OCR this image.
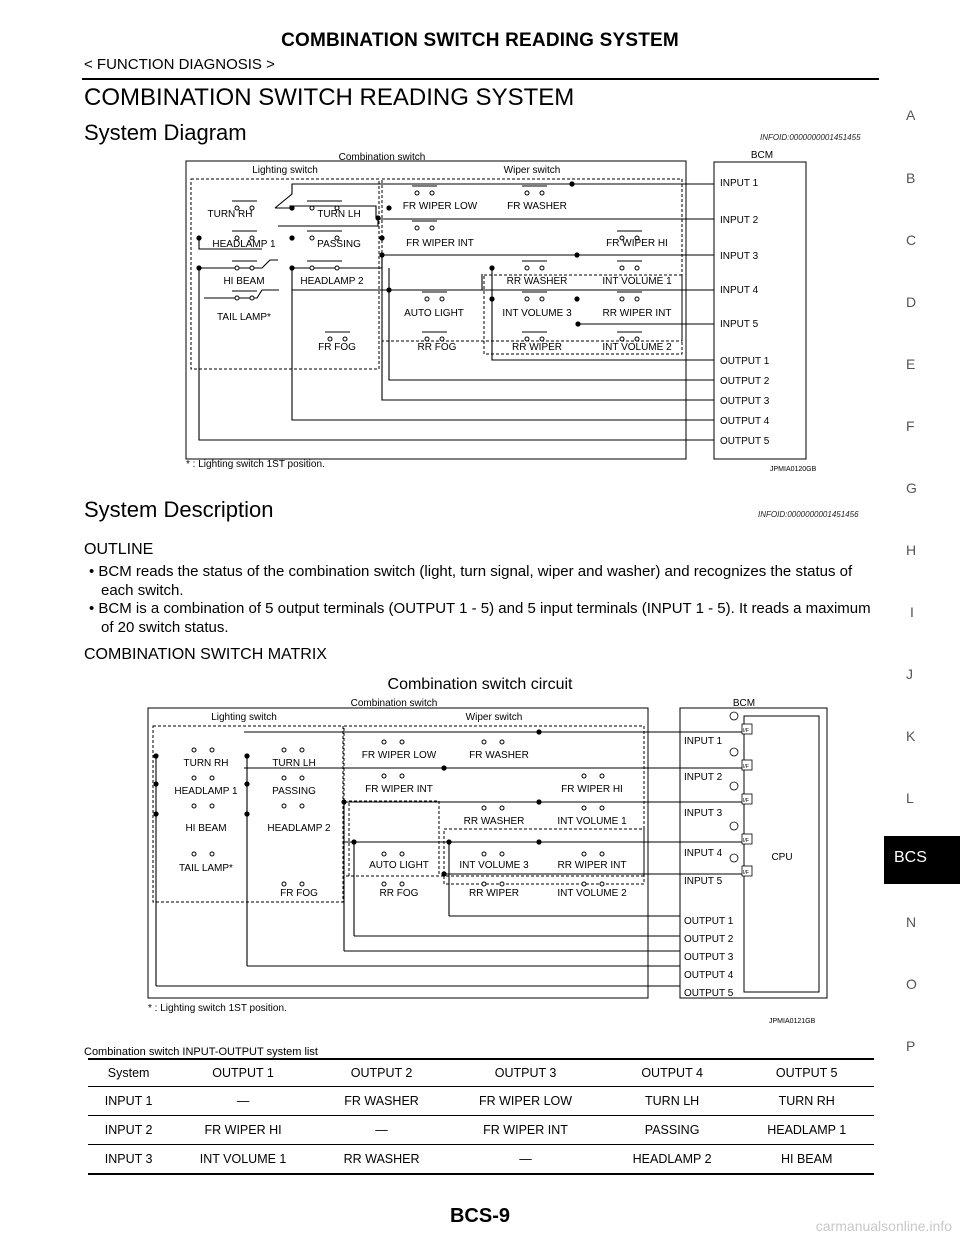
COMBINATION SWITCH READING SYSTEM
< FUNCTION DIAGNOSIS >
COMBINATION SWITCH READING SYSTEM
A
B
C
D
E
F
G
H
I
J
K
L
N
O
P
BCS
System Diagram	INFOID:0000000001451455
Combination switch
Lighting switch	Wiper switch
BCM
TURN RH	TURN LH
HEADLAMP 1	PASSING
HI BEAM	HEADLAMP 2
TAIL LAMP*
FR FOG	RR FOG
AUTO LIGHT
FR WIPER LOW	FR WASHER
FR WIPER INT	FR WIPER HI
RR WASHER	INT VOLUME 1
INT VOLUME 3	RR WIPER INT
RR WIPER	INT VOLUME 2
INPUT 1
INPUT 2
INPUT 3
INPUT 4
INPUT 5
OUTPUT 1
OUTPUT 2
OUTPUT 3
OUTPUT 4
OUTPUT 5
* : Lighting switch 1ST position.	JPMIA0120GB
System Description	INFOID:0000000001451456
OUTLINE
• BCM reads the status of the combination switch (light, turn signal, wiper and washer) and recognizes the status of each switch.
• BCM is a combination of 5 output terminals (OUTPUT 1 - 5) and 5 input terminals (INPUT 1 - 5). It reads a maximum of 20 switch status.
COMBINATION SWITCH MATRIX
Combination switch circuit
Combination switch
Lighting switch	Wiper switch
BCM
CPU
TURN RH	TURN LH
HEADLAMP 1	PASSING
HI BEAM	HEADLAMP 2
TAIL LAMP*
FR FOG	RR FOG
AUTO LIGHT
FR WIPER LOW	FR WASHER
FR WIPER INT	FR WIPER HI
RR WASHER	INT VOLUME 1
INT VOLUME 3	RR WIPER INT
RR WIPER	INT VOLUME 2
I/F
I/F
I/F
I/F
I/F
INPUT 1
INPUT 2
INPUT 3
INPUT 4
INPUT 5
OUTPUT 1
OUTPUT 2
OUTPUT 3
OUTPUT 4
OUTPUT 5
* : Lighting switch 1ST position.
JPMIA0121GB
Combination switch INPUT-OUTPUT system list
System	OUTPUT 1	OUTPUT 2	OUTPUT 3	OUTPUT 4	OUTPUT 5
INPUT 1	—	FR WASHER	FR WIPER LOW	TURN LH	TURN RH
INPUT 2	FR WIPER HI	—	FR WIPER INT	PASSING	HEADLAMP 1
INPUT 3	INT VOLUME 1	RR WASHER	—	HEADLAMP 2	HI BEAM
BCS-9	carmanualsonline.info
